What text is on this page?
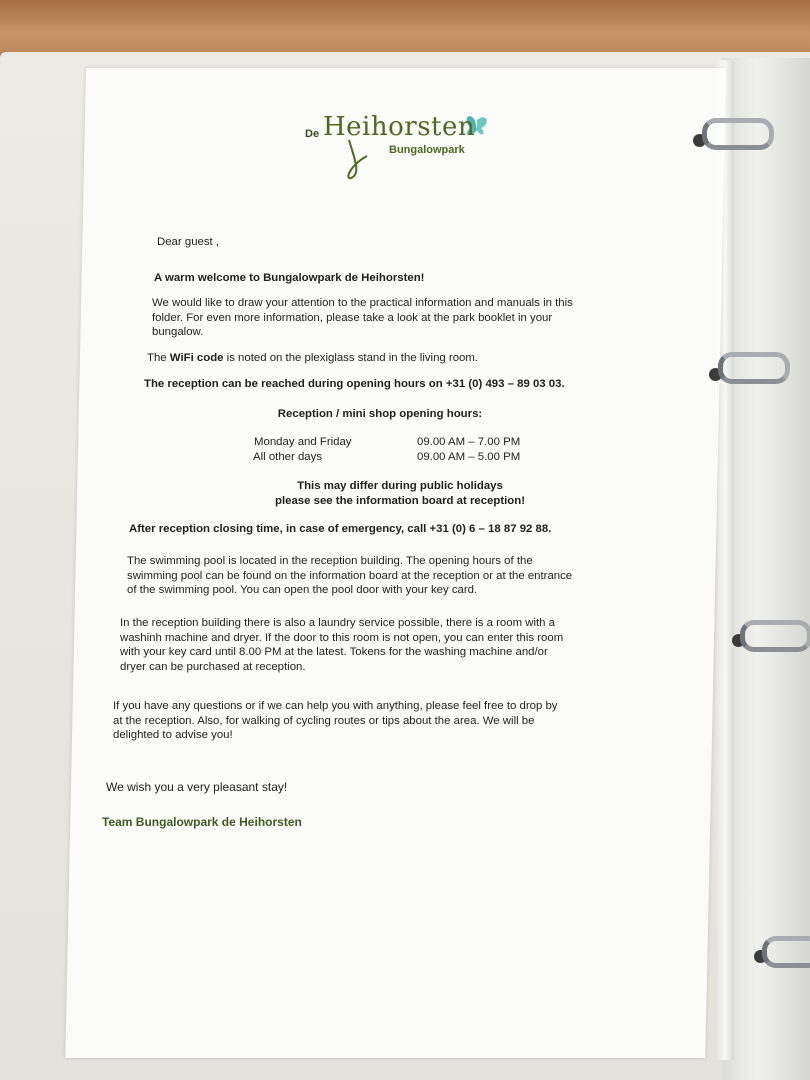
De Heihorsten
Bungalowpark
Dear guest ,
A warm welcome to Bungalowpark de Heihorsten!
We would like to draw your attention to the practical information and manuals in this
folder. For even more information, please take a look at the park booklet in your
bungalow.
The WiFi code is noted on the plexiglass stand in the living room.
The reception can be reached during opening hours on +31 (0) 493 – 89 03 03.
Reception / mini shop opening hours:
Monday and Friday	09.00 AM – 7.00 PM
All other days	09.00 AM – 5.00 PM
This may differ during public holidays
please see the information board at reception!
After reception closing time, in case of emergency, call +31 (0) 6 – 18 87 92 88.
The swimming pool is located in the reception building. The opening hours of the
swimming pool can be found on the information board at the reception or at the entrance
of the swimming pool. You can open the pool door with your key card.
In the reception building there is also a laundry service possible, there is a room with a
washinh machine and dryer. If the door to this room is not open, you can enter this room
with your key card until 8.00 PM at the latest. Tokens for the washing machine and/or
dryer can be purchased at reception.
If you have any questions or if we can help you with anything, please feel free to drop by
at the reception. Also, for walking of cycling routes or tips about the area. We will be
delighted to advise you!
We wish you a very pleasant stay!
Team Bungalowpark de Heihorsten
